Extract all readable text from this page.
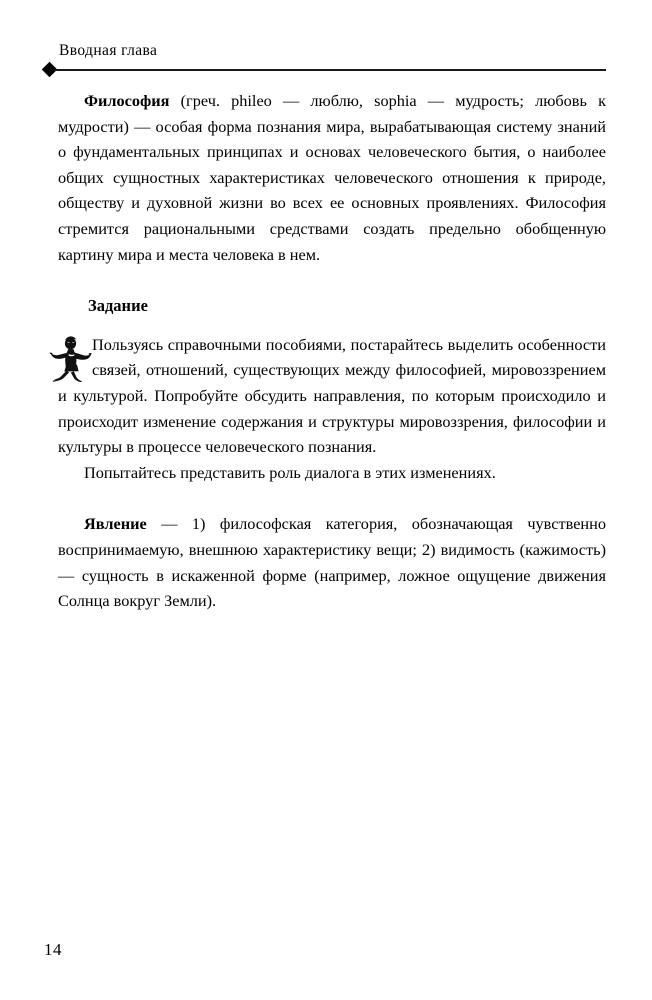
Вводная глава

Философия (греч. phileo — люблю, sophia — мудрость; любовь к мудрости) — особая форма познания мира, вырабатывающая систему знаний о фундаментальных принципах и основах человеческого бытия, о наиболее общих сущностных характеристиках человеческого отношения к природе, обществу и духовной жизни во всех ее основных проявлениях. Философия стремится рациональными средствами создать предельно обобщенную картину мира и места человека в нем.

Задание

Пользуясь справочными пособиями, постарайтесь выделить особенности связей, отношений, существующих между философией, мировоззрением и культурой. Попробуйте обсудить направления, по которым происходило и происходит изменение содержания и структуры мировоззрения, философии и культуры в процессе человеческого познания.

Попытайтесь представить роль диалога в этих изменениях.

Явление — 1) философская категория, обозначающая чувственно воспринимаемую, внешнюю характеристику вещи; 2) видимость (кажимость) — сущность в искаженной форме (например, ложное ощущение движения Солнца вокруг Земли).

14
